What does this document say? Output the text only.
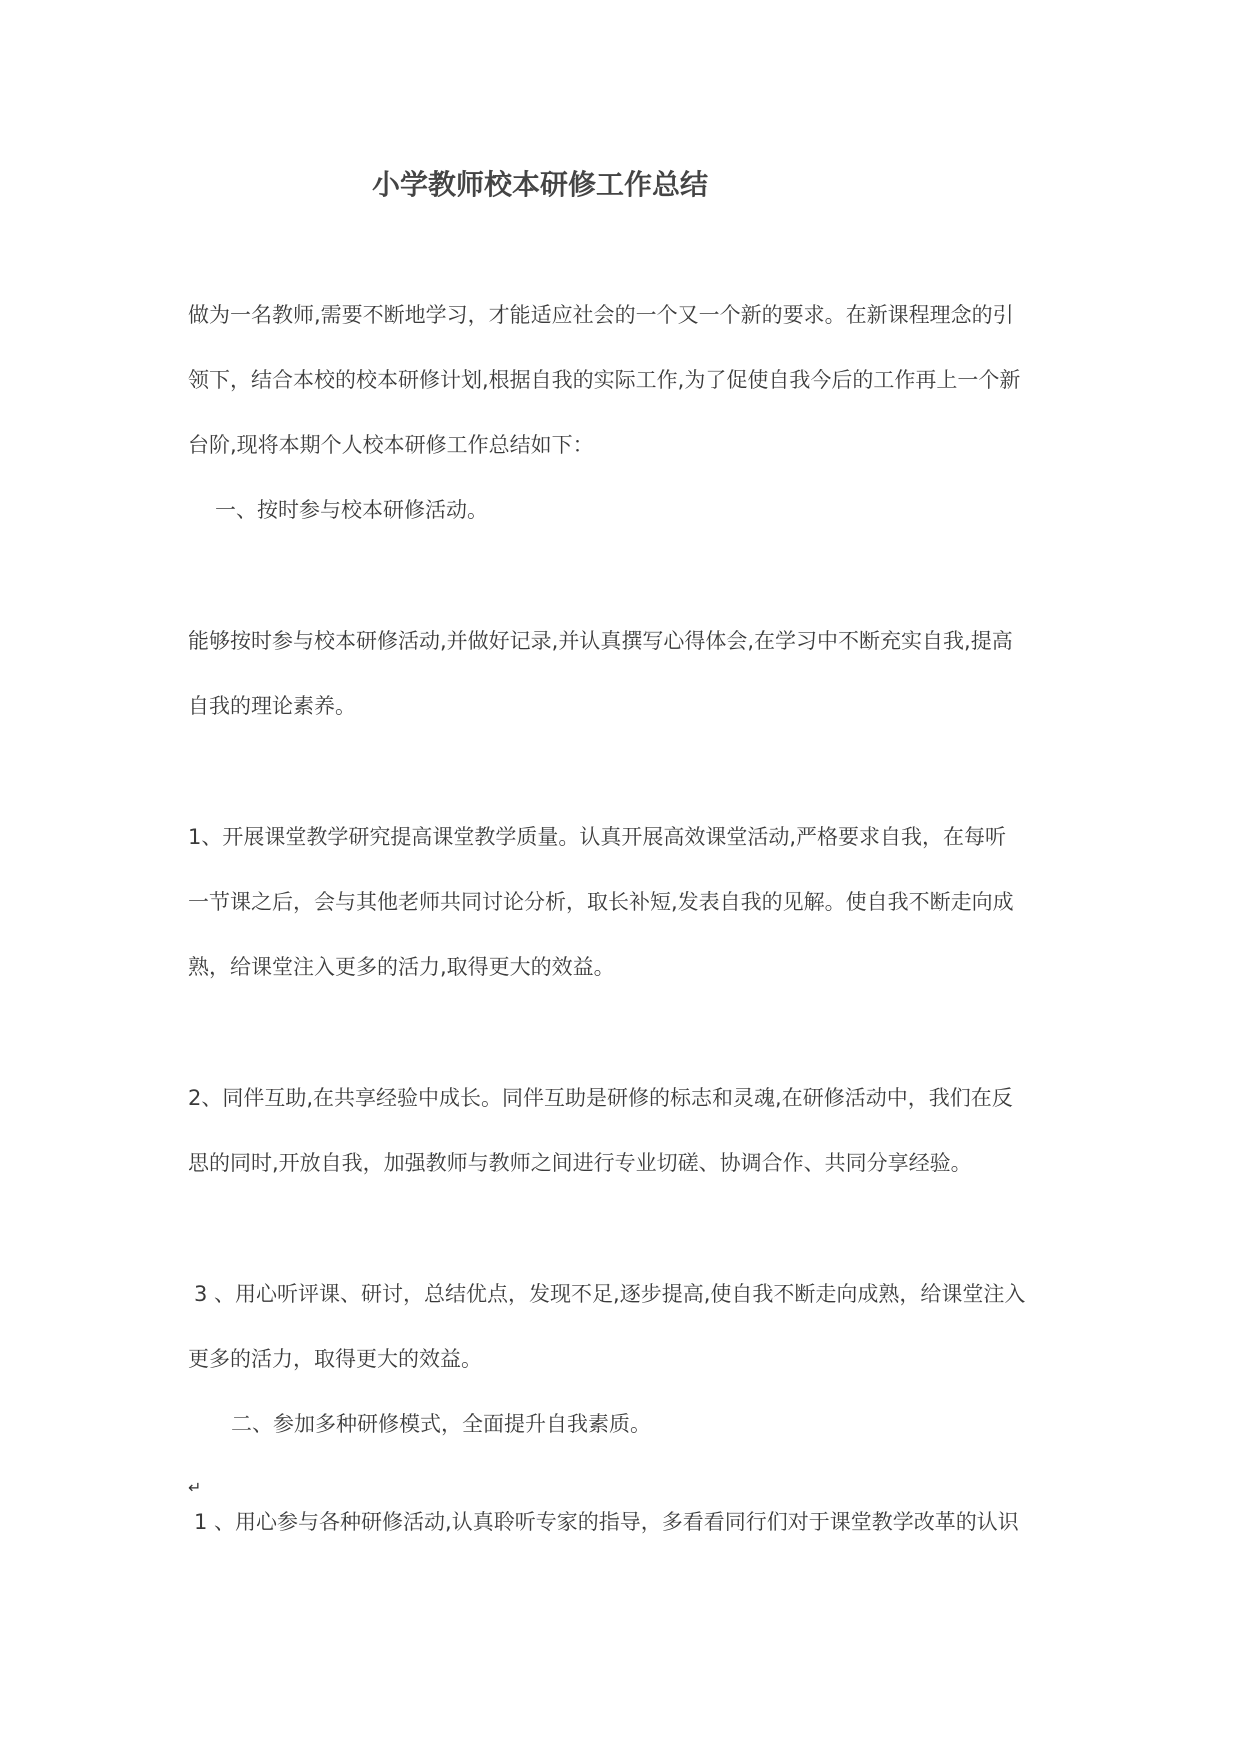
小学教师校本研修工作总结
做为一名教师,需要不断地学习，才能适应社会的一个又一个新的要求。在新课程理念的引
领下，结合本校的校本研修计划,根据自我的实际工作,为了促使自我今后的工作再上一个新
台阶,现将本期个人校本研修工作总结如下：
一、按时参与校本研修活动。
能够按时参与校本研修活动,并做好记录,并认真撰写心得体会,在学习中不断充实自我,提高
自我的理论素养。
1、开展课堂教学研究提高课堂教学质量。认真开展高效课堂活动,严格要求自我，在每听
一节课之后，会与其他老师共同讨论分析，取长补短,发表自我的见解。使自我不断走向成
熟，给课堂注入更多的活力,取得更大的效益。
2、同伴互助,在共享经验中成长。同伴互助是研修的标志和灵魂,在研修活动中，我们在反
思的同时,开放自我，加强教师与教师之间进行专业切磋、协调合作、共同分享经验。
3 、用心听评课、研讨，总结优点，发现不足,逐步提高,使自我不断走向成熟，给课堂注入
更多的活力，取得更大的效益。
二、参加多种研修模式，全面提升自我素质。
↵
1 、用心参与各种研修活动,认真聆听专家的指导，多看看同行们对于课堂教学改革的认识
